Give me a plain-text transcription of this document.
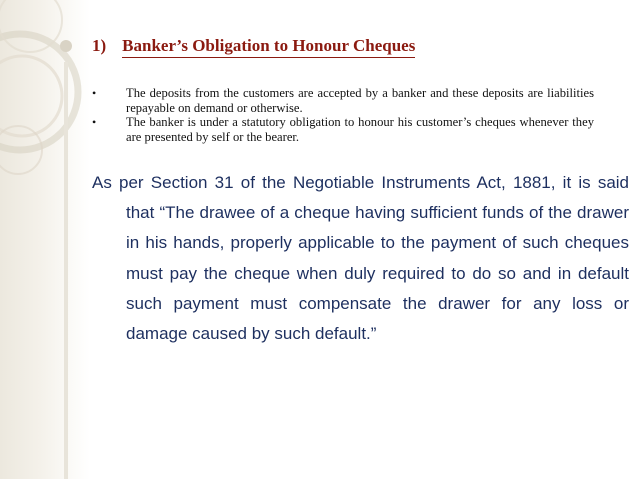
1) Banker’s Obligation to Honour Cheques
• The deposits from the customers are accepted by a banker and these deposits are liabilities repayable on demand or otherwise.
• The banker is under a statutory obligation to honour his customer’s cheques whenever they are presented by self or the bearer.

As per Section 31 of the Negotiable Instruments Act, 1881, it is said that “The drawee of a cheque having sufficient funds of the drawer in his hands, properly applicable to the payment of such cheques must pay the cheque when duly required to do so and in default such payment must compensate the drawer for any loss or damage caused by such default.”
